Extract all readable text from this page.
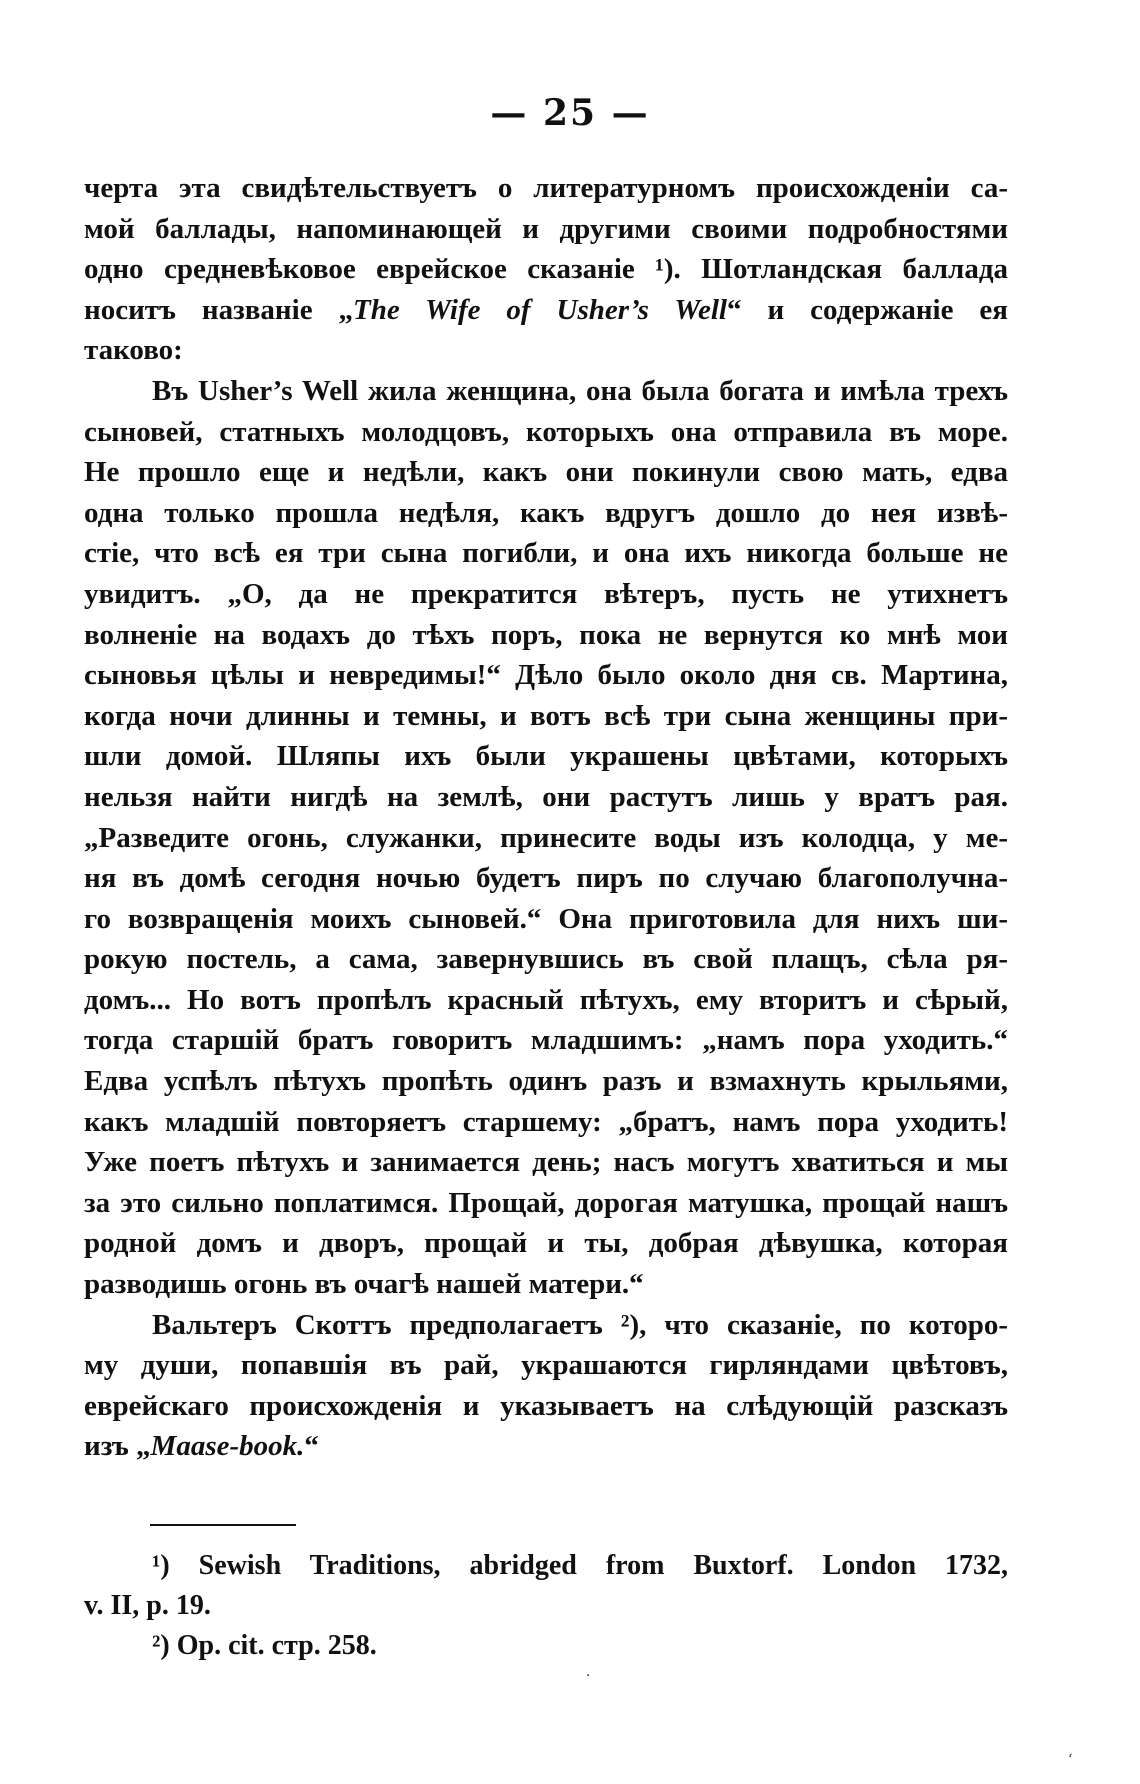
— 25 —
черта эта свидѣтельствуетъ о литературномъ происхожденiи са-
мой баллады, напоминающей и другими своими подробностями
одно средневѣковое еврейское сказанiе ¹). Шотландская баллада
носитъ названiе „The Wife of Usher’s Well“ и содержанiе ея
таково:
Въ Usher’s Well жила женщина, она была богата и имѣла трехъ
сыновей, статныхъ молодцовъ, которыхъ она отправила въ море.
Не прошло еще и недѣли, какъ они покинули свою мать, едва
одна только прошла недѣля, какъ вдругъ дошло до нея извѣ-
стiе, что всѣ ея три сына погибли, и она ихъ никогда больше не
увидитъ. „О, да не прекратится вѣтеръ, пусть не утихнетъ
волненiе на водахъ до тѣхъ поръ, пока не вернутся ко мнѣ мои
сыновья цѣлы и невредимы!“ Дѣло было около дня св. Мартина,
когда ночи длинны и темны, и вотъ всѣ три сына женщины при-
шли домой. Шляпы ихъ были украшены цвѣтами, которыхъ
нельзя найти нигдѣ на землѣ, они растутъ лишь у вратъ рая.
„Разведите огонь, служанки, принесите воды изъ колодца, у ме-
ня въ домѣ сегодня ночью будетъ пиръ по случаю благополучна-
го возвращенiя моихъ сыновей.“ Она приготовила для нихъ ши-
рокую постель, а сама, завернувшись въ свой плащъ, сѣла ря-
домъ... Но вотъ пропѣлъ красный пѣтухъ, ему вторитъ и сѣрый,
тогда старшiй братъ говоритъ младшимъ: „намъ пора уходить.“
Едва успѣлъ пѣтухъ пропѣть одинъ разъ и взмахнуть крыльями,
какъ младшiй повторяетъ старшему: „братъ, намъ пора уходить!
Уже поетъ пѣтухъ и занимается день; насъ могутъ хватиться и мы
за это сильно поплатимся. Прощай, дорогая матушка, прощай нашъ
родной домъ и дворъ, прощай и ты, добрая дѣвушка, которая
разводишь огонь въ очагѣ нашей матери.“
Вальтеръ Скоттъ предполагаетъ ²), что сказанiе, по которо-
му души, попавшiя въ рай, украшаются гирляндами цвѣтовъ,
еврейскаго происхожденiя и указываетъ на слѣдующiй разсказъ
изъ „Maase-book.“
¹) Sewish Traditions, abridged from Buxtorf. London 1732,
v. II, p. 19.
²) Op. cit. стр. 258.
·
ʻ
